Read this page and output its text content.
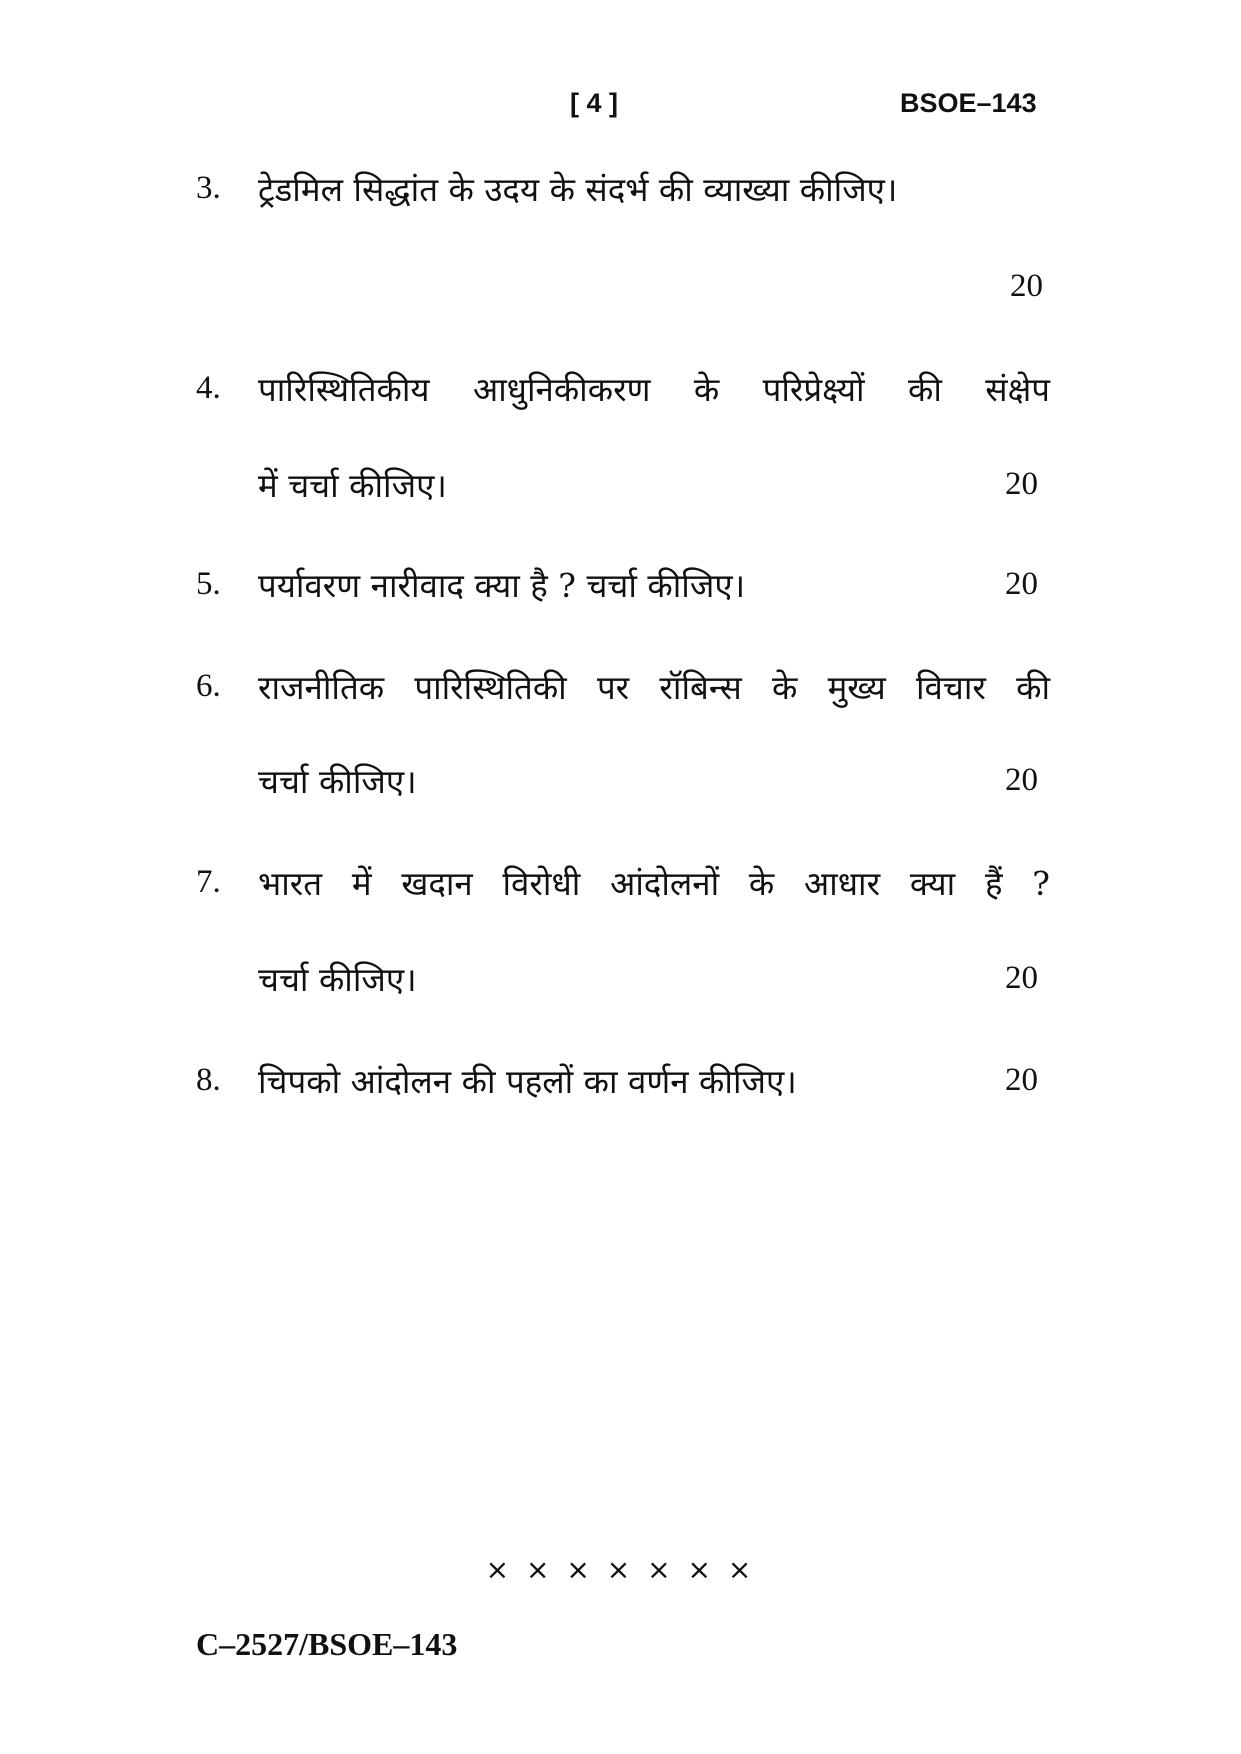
[ 4 ]	BSOE–143
3. ट्रेडमिल सिद्धांत के उदय के संदर्भ की व्याख्या कीजिए।
20
4. पारिस्थितिकीय आधुनिकीकरण के परिप्रेक्ष्यों की संक्षेप
में चर्चा कीजिए।	20
5. पर्यावरण नारीवाद क्या है ? चर्चा कीजिए।	20
6. राजनीतिक पारिस्थितिकी पर रॉबिन्स के मुख्य विचार की
चर्चा कीजिए।	20
7. भारत में खदान विरोधी आंदोलनों के आधार क्या हैं ?
चर्चा कीजिए।	20
8. चिपको आंदोलन की पहलों का वर्णन कीजिए।	20
× × × × × × ×
C–2527/BSOE–143
